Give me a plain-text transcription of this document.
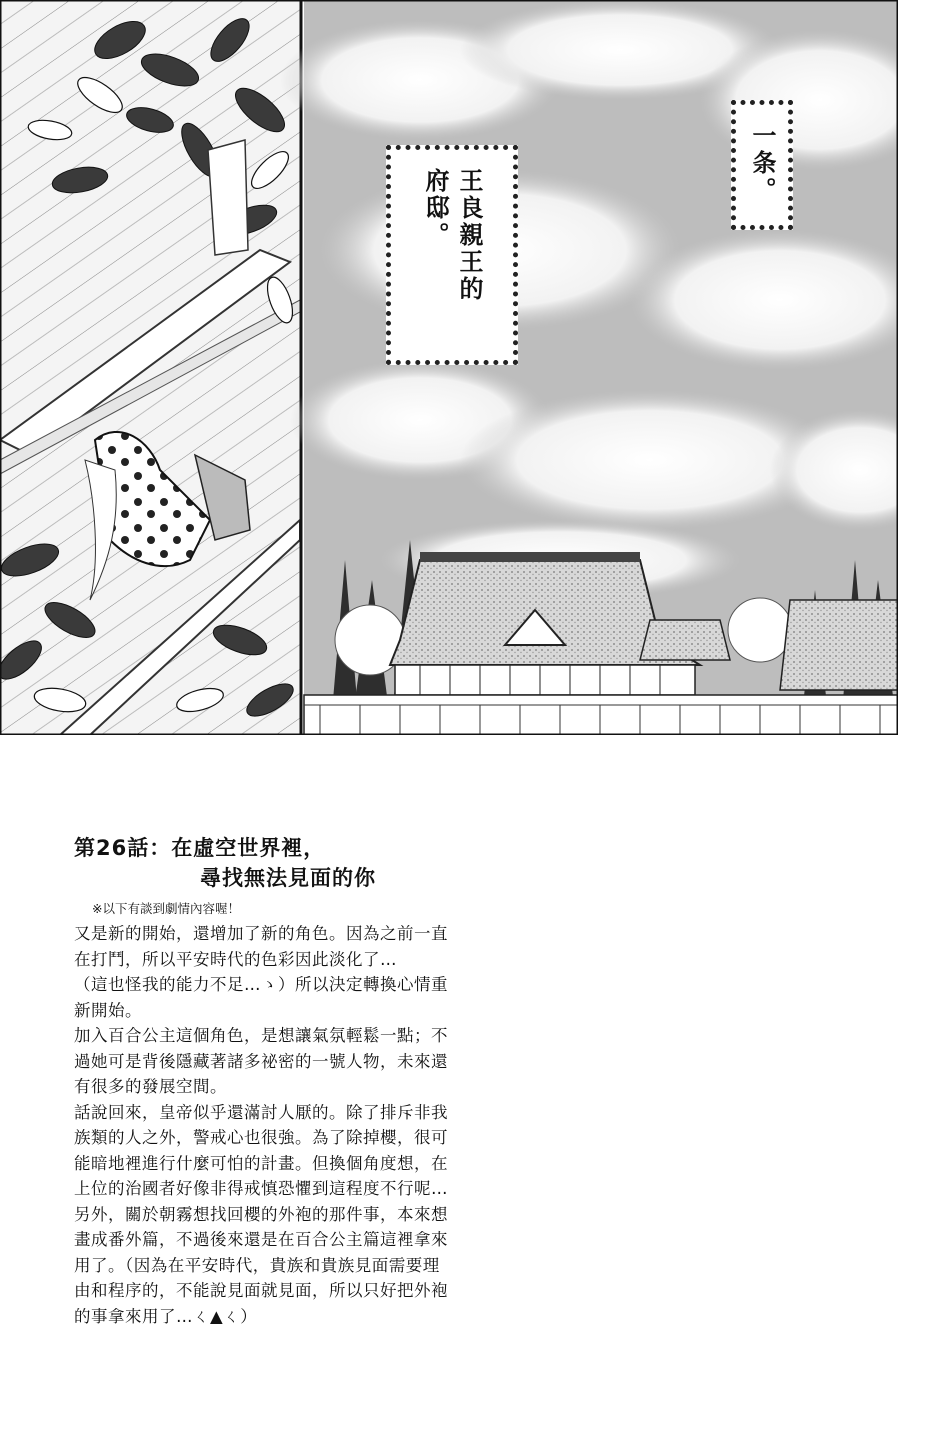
一条。
王良親王的
府邸。
第26話：在虛空世界裡，
尋找無法見面的你
※以下有談到劇情內容喔！
又是新的開始，還增加了新的角色。因為之前一直
在打鬥，所以平安時代的色彩因此淡化了…
（這也怪我的能力不足…ゝ）所以決定轉換心情重
新開始。
加入百合公主這個角色，是想讓氣氛輕鬆一點；不
過她可是背後隱藏著諸多祕密的一號人物，未來還
有很多的發展空間。
話說回來，皇帝似乎還滿討人厭的。除了排斥非我
族類的人之外，警戒心也很強。為了除掉櫻，很可
能暗地裡進行什麼可怕的計畫。但換個角度想，在
上位的治國者好像非得戒慎恐懼到這程度不行呢…
另外，關於朝霧想找回櫻的外袍的那件事，本來想
畫成番外篇，不過後來還是在百合公主篇這裡拿來
用了。（因為在平安時代，貴族和貴族見面需要理
由和程序的，不能說見面就見面，所以只好把外袍
的事拿來用了…ㄑ▲ㄑ）
